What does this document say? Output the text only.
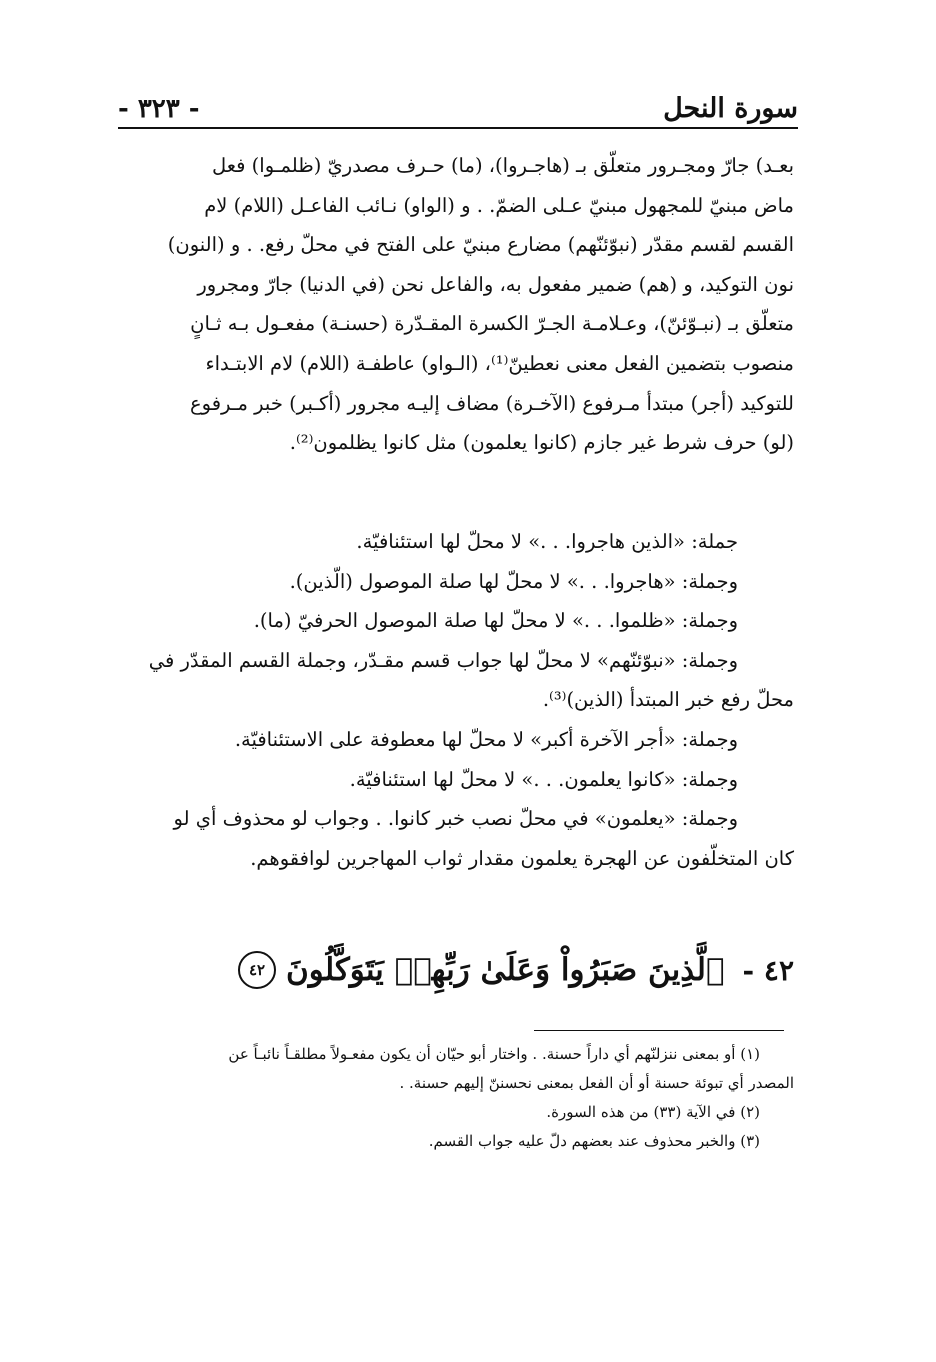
- ٣٢٣ -	سورة النحل

بعـد) جارّ ومجـرور متعلّق بـ (هاجـروا)، (ما) حـرف مصدريّ (ظلمـوا) فعل

ماض مبنيّ للمجهول مبنيّ عـلى الضمّ. . و (الواو) نـائب الفاعـل (اللام) لام

القسم لقسم مقدّر (نبوّئنّهم) مضارع مبنيّ على الفتح في محلّ رفع. . و (النون)

نون التوكيد، و (هم) ضمير مفعول به، والفاعل نحن (في الدنيا) جارّ ومجرور

متعلّق بـ (نبـوّئنّ)، وعـلامـة الجـرّ الكسرة المقـدّرة (حسنـة) مفعـول بـه ثـانٍ

منصوب بتضمين الفعل معنى نعطينّ⁽¹⁾، (الـواو) عاطفـة (اللام) لام الابتـداء

للتوكيد (أجر) مبتدأ مـرفوع (الآخـرة) مضاف إليـه مجرور (أكـبر) خبر مـرفوع

(لو) حرف شرط غير جازم (كانوا يعلمون) مثل كانوا يظلمون⁽²⁾.

جملة: «الذين هاجروا. . .» لا محلّ لها استئنافيّة.

وجملة: «هاجروا. . .» لا محلّ لها صلة الموصول (الّذين).

وجملة: «ظلموا. . .» لا محلّ لها صلة الموصول الحرفيّ (ما).

وجملة: «نبوّئنّهم» لا محلّ لها جواب قسم مقـدّر، وجملة القسم المقدّر في
محلّ رفع خبر المبتدأ (الذين)⁽³⁾.

وجملة: «أجر الآخرة أكبر» لا محلّ لها معطوفة على الاستئنافيّة.

وجملة: «كانوا يعلمون. . .» لا محلّ لها استئنافيّة.

وجملة: «يعلمون» في محلّ نصب خبر كانوا. . وجواب لو محذوف أي لو
كان المتخلّفون عن الهجرة يعلمون مقدار ثواب المهاجرين لوافقوهم.

٤٢ -
ٱلَّذِينَ صَبَرُواْ وَعَلَىٰ رَبِّهِمۡ يَتَوَكَّلُونَ
٤٢

(١) أو بمعنى ننزلنّهم أي داراً حسنة. . واختار أبو حيّان أن يكون مفعـولاً مطلقـاً نائبـاً عن

المصدر أي تبوئة حسنة أو أن الفعل بمعنى نحسننّ إليهم حسنة. .

(٢) في الآية (٣٣) من هذه السورة.

(٣) والخبر محذوف عند بعضهم دلّ عليه جواب القسم.
